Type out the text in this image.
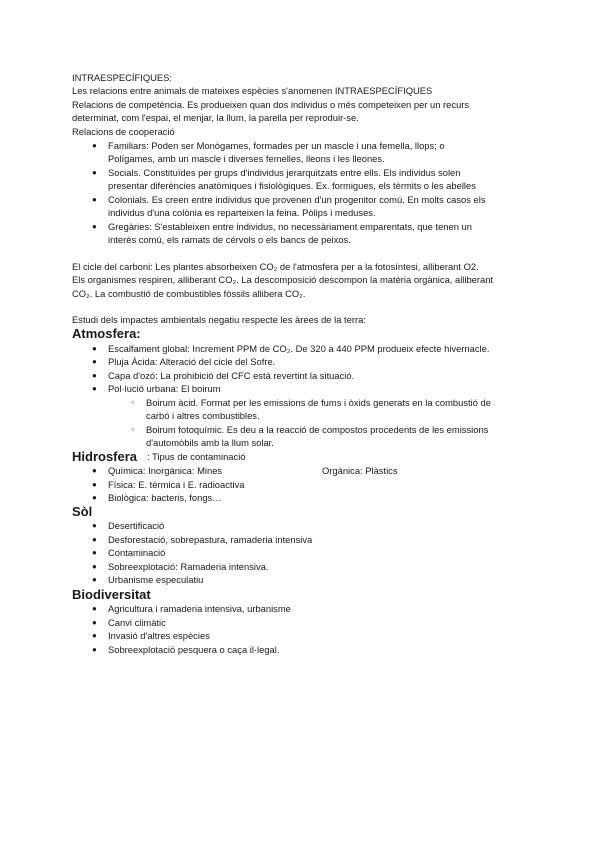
INTRAESPECÍFIQUES:
Les relacions entre animals de mateixes espècies s'anomenen INTRAESPECÍFIQUES
Relacions de competència. Es produeixen quan dos individus o més competeixen per un recurs
determinat, com l'espai, el menjar, la llum, la parella per reproduir-se.
Relacions de cooperació
● Familiars: Poden ser Monògames, formades per un mascle i una femella, llops; o
Polígames, amb un mascle i diverses femelles, lleons i les lleones.
● Socials. Constituïdes per grups d'individus jerarquitzats entre ells. Els individus solen
presentar diferències anatòmiques i fisiològiques. Ex. formigues, els tèrmits o les abelles
● Colonials. Es creen entre individus que provenen d'un progenitor comú. En molts casos els
individus d'una colònia es reparteixen la feina. Pòlips i meduses.
● Gregàries: S'estableixen entre individus, no necessàriament emparentats, que tenen un
interès comú, els ramats de cérvols o els bancs de peixos.
El cicle del carboni: Les plantes absorbeixen CO₂ de l'atmosfera per a la fotosíntesi, alliberant O2.
Els organismes respiren, alliberant CO₂. La descomposició descompon la matèria orgànica, alliberant
CO₂. La combustió de combustibles fòssils allibera CO₂.
Estudi dels impactes ambientals negatiu respecte les àrees de la terra:
Atmosfera:
● Escalfament global: Increment PPM de CO₂. De 320 a 440 PPM produeix efecte hivernacle.
● Pluja Àcida: Alteració del cicle del Sofre.
● Capa d'ozó: La prohibició del CFC està revertint la situació.
● Pol·lució urbana: El boirum
○ Boirum àcid. Format per les emissions de fums i òxids generats en la combustió de
carbó i altres combustibles.
○ Boirum fotoquímic. Es deu a la reacció de compostos procedents de les emissions
d'automòbils amb la llum solar.
Hidrosfera : Tipus de contaminació
● Química: Inorgànica: Mines	Orgànica: Plàstics
● Física: E. tèrmica i E. radioactiva
● Biològica: bacteris, fongs…
Sòl
● Desertificació
● Desforestació, sobrepastura, ramaderia intensiva
● Contaminació
● Sobreexplotació: Ramaderia intensiva.
● Urbanisme especulatiu
Biodiversitat
● Agricultura i ramaderia intensiva, urbanisme
● Canvi climàtic
● Invasió d'altres espècies
● Sobreexplotació pesquera o caça il·legal.
